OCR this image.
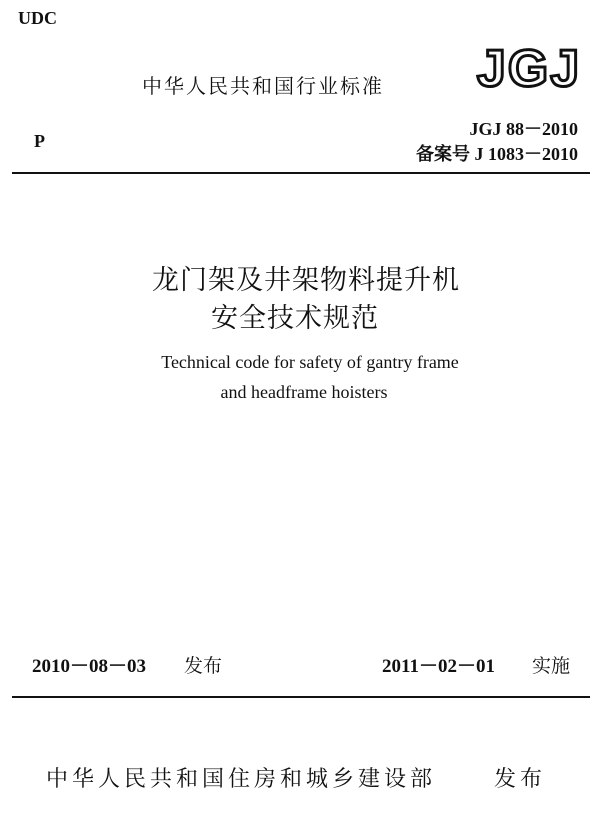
UDC
中华人民共和国行业标准 JGJ
P
JGJ 88－2010
备案号 J 1083－2010
龙门架及井架物料提升机
安全技术规范
Technical code for safety of gantry frame
and headframe hoisters
2010－08－03 发布	2011－02－01 实施
中华人民共和国住房和城乡建设部	发布
